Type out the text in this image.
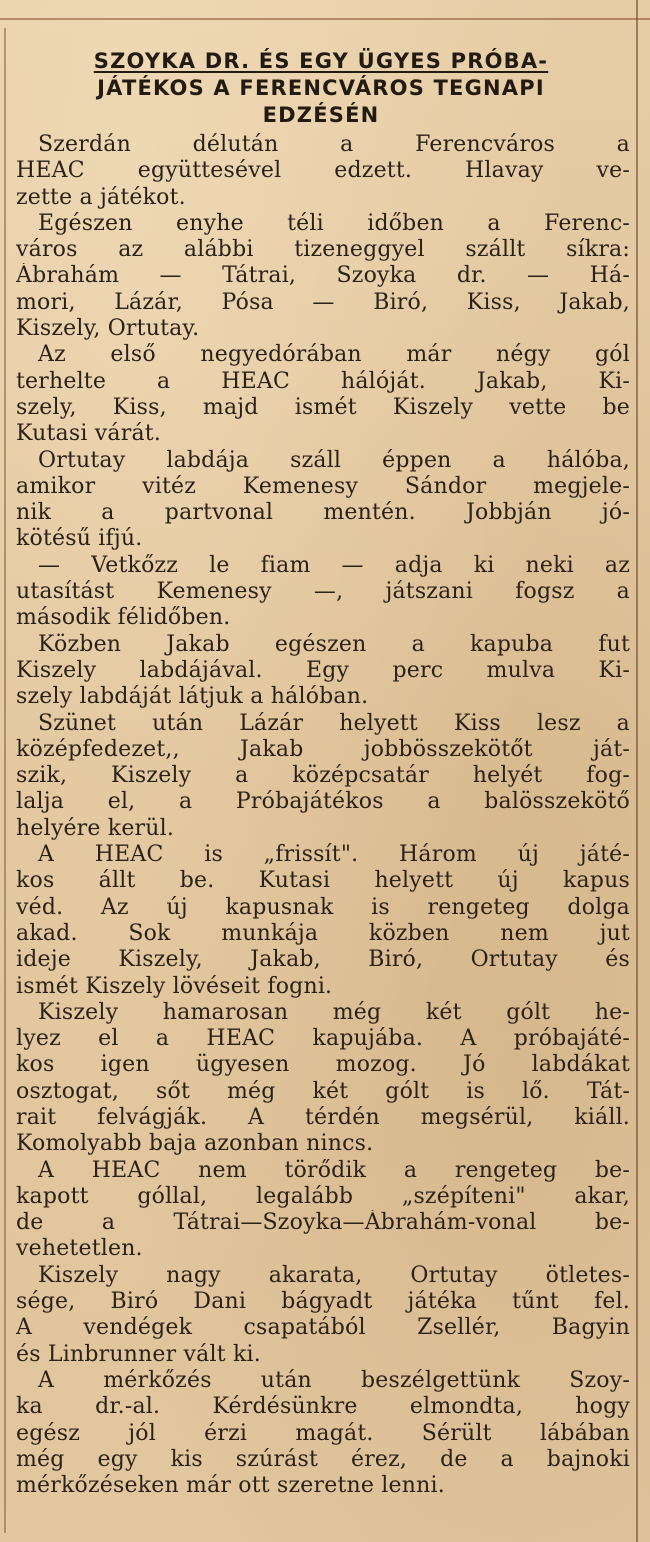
SZOYKA DR. ÉS EGY ÜGYES PRÓBA-
JÁTÉKOS A FERENCVÁROS TEGNAPI
EDZÉSÉN
Szerdán délután a Ferencváros a
HEAC együttesével edzett. Hlavay ve-
zette a játékot.
Egészen enyhe téli időben a Ferenc-
város az alábbi tizeneggyel szállt síkra:
Ábrahám — Tátrai, Szoyka dr. — Há-
mori, Lázár, Pósa — Biró, Kiss, Jakab,
Kiszely, Ortutay.
Az első negyedórában már négy gól
terhelte a HEAC hálóját. Jakab, Ki-
szely, Kiss, majd ismét Kiszely vette be
Kutasi várát.
Ortutay labdája száll éppen a hálóba,
amikor vitéz Kemenesy Sándor megjele-
nik a partvonal mentén. Jobbján jó-
kötésű ifjú.
— Vetkőzz le fiam — adja ki neki az
utasítást Kemenesy —, játszani fogsz a
második félidőben.
Közben Jakab egészen a kapuba fut
Kiszely labdájával. Egy perc mulva Ki-
szely labdáját látjuk a hálóban.
Szünet után Lázár helyett Kiss lesz a
középfedezet,, Jakab jobbösszekötőt ját-
szik, Kiszely a középcsatár helyét fog-
lalja el, a Próbajátékos a balösszekötő
helyére kerül.
A HEAC is „frissít". Három új játé-
kos állt be. Kutasi helyett új kapus
véd. Az új kapusnak is rengeteg dolga
akad. Sok munkája közben nem jut
ideje Kiszely, Jakab, Biró, Ortutay és
ismét Kiszely lövéseit fogni.
Kiszely hamarosan még két gólt he-
lyez el a HEAC kapujába. A próbajáté-
kos igen ügyesen mozog. Jó labdákat
osztogat, sőt még két gólt is lő. Tát-
rait felvágják. A térdén megsérül, kiáll.
Komolyabb baja azonban nincs.
A HEAC nem törődik a rengeteg be-
kapott góllal, legalább „szépíteni" akar,
de a Tátrai—Szoyka—Ábrahám-vonal be-
vehetetlen.
Kiszely nagy akarata, Ortutay ötletes-
sége, Biró Dani bágyadt játéka tűnt fel.
A vendégek csapatából Zsellér, Bagyin
és Linbrunner vált ki.
A mérkőzés után beszélgettünk Szoy-
ka dr.-al. Kérdésünkre elmondta, hogy
egész jól érzi magát. Sérült lábában
még egy kis szúrást érez, de a bajnoki
mérkőzéseken már ott szeretne lenni.
